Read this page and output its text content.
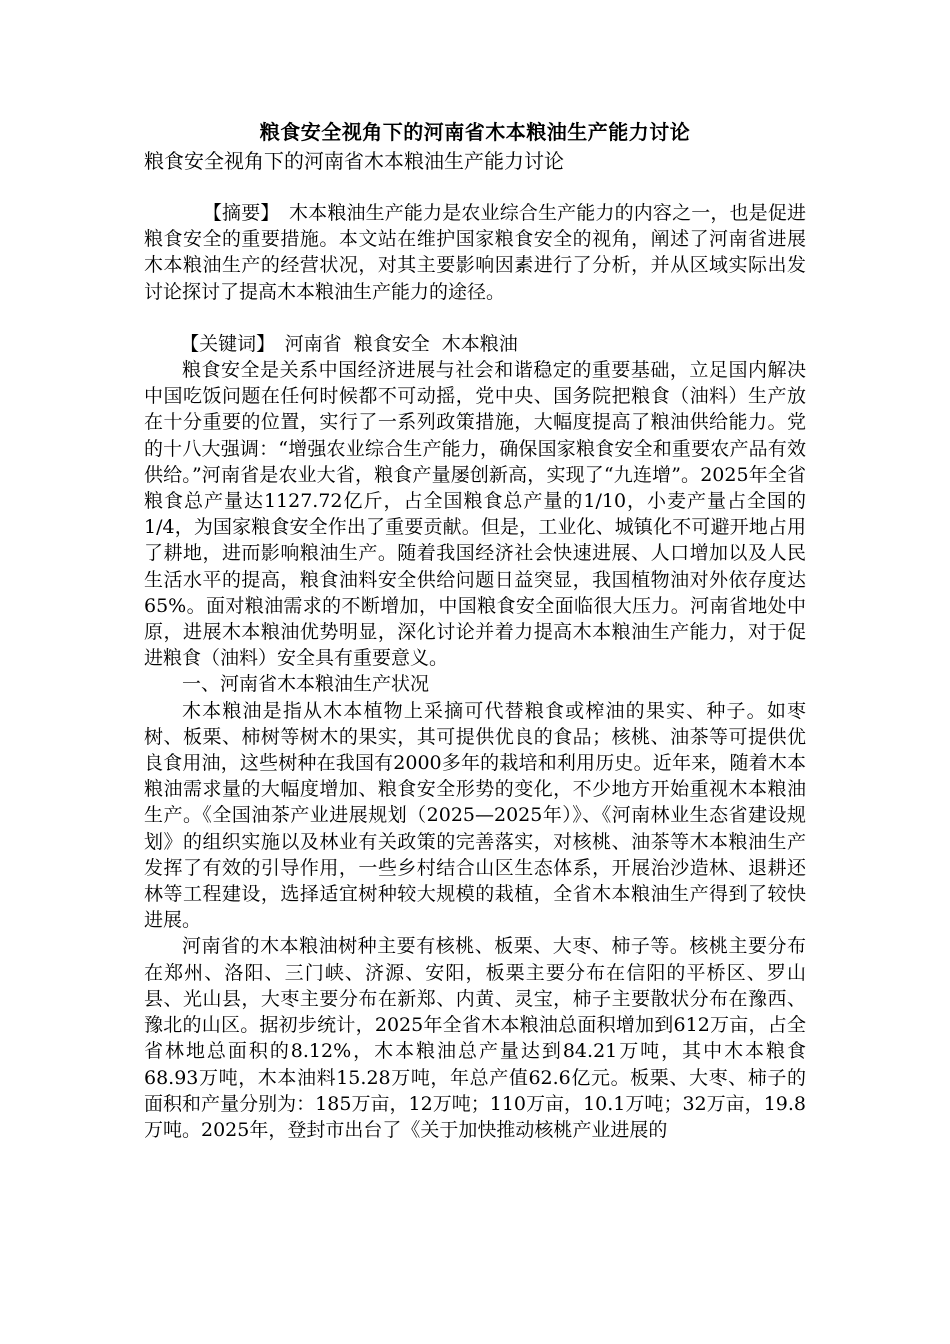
粮食安全视角下的河南省木本粮油生产能力讨论

粮食安全视角下的河南省木本粮油生产能力讨论

【摘要】 木本粮油生产能力是农业综合生产能力的内容之一，也是促进粮食安全的重要措施。本文站在维护国家粮食安全的视角，阐述了河南省进展木本粮油生产的经营状况，对其主要影响因素进行了分析，并从区域实际出发讨论探讨了提高木本粮油生产能力的途径。

【关键词】 河南省  粮食安全  木本粮油

粮食安全是关系中国经济进展与社会和谐稳定的重要基础，立足国内解决中国吃饭问题在任何时候都不可动摇，党中央、国务院把粮食（油料）生产放在十分重要的位置，实行了一系列政策措施，大幅度提高了粮油供给能力。党的十八大强调：“增强农业综合生产能力，确保国家粮食安全和重要农产品有效供给。”河南省是农业大省，粮食产量屡创新高，实现了“九连增”。2025年全省粮食总产量达1127.72亿斤，占全国粮食总产量的1/10，小麦产量占全国的1/4，为国家粮食安全作出了重要贡献。但是，工业化、城镇化不可避开地占用了耕地，进而影响粮油生产。随着我国经济社会快速进展、人口增加以及人民生活水平的提高，粮食油料安全供给问题日益突显，我国植物油对外依存度达65%。面对粮油需求的不断增加，中国粮食安全面临很大压力。河南省地处中原，进展木本粮油优势明显，深化讨论并着力提高木本粮油生产能力，对于促进粮食（油料）安全具有重要意义。

一、河南省木本粮油生产状况

木本粮油是指从木本植物上采摘可代替粮食或榨油的果实、种子。如枣树、板栗、柿树等树木的果实，其可提供优良的食品；核桃、油茶等可提供优良食用油，这些树种在我国有2000多年的栽培和利用历史。近年来，随着木本粮油需求量的大幅度增加、粮食安全形势的变化，不少地方开始重视木本粮油生产。《全国油茶产业进展规划（2025—2025年）》、《河南林业生态省建设规划》的组织实施以及林业有关政策的完善落实，对核桃、油茶等木本粮油生产发挥了有效的引导作用，一些乡村结合山区生态体系，开展治沙造林、退耕还林等工程建设，选择适宜树种较大规模的栽植，全省木本粮油生产得到了较快进展。

河南省的木本粮油树种主要有核桃、板栗、大枣、柿子等。核桃主要分布在郑州、洛阳、三门峡、济源、安阳，板栗主要分布在信阳的平桥区、罗山县、光山县，大枣主要分布在新郑、内黄、灵宝，柿子主要散状分布在豫西、豫北的山区。据初步统计，2025年全省木本粮油总面积增加到612万亩，占全省林地总面积的8.12%，木本粮油总产量达到84.21万吨，其中木本粮食68.93万吨，木本油料15.28万吨，年总产值62.6亿元。板栗、大枣、柿子的面积和产量分别为：185万亩，12万吨；110万亩，10.1万吨；32万亩，19.8万吨。2025年，登封市出台了《关于加快推动核桃产业进展的
